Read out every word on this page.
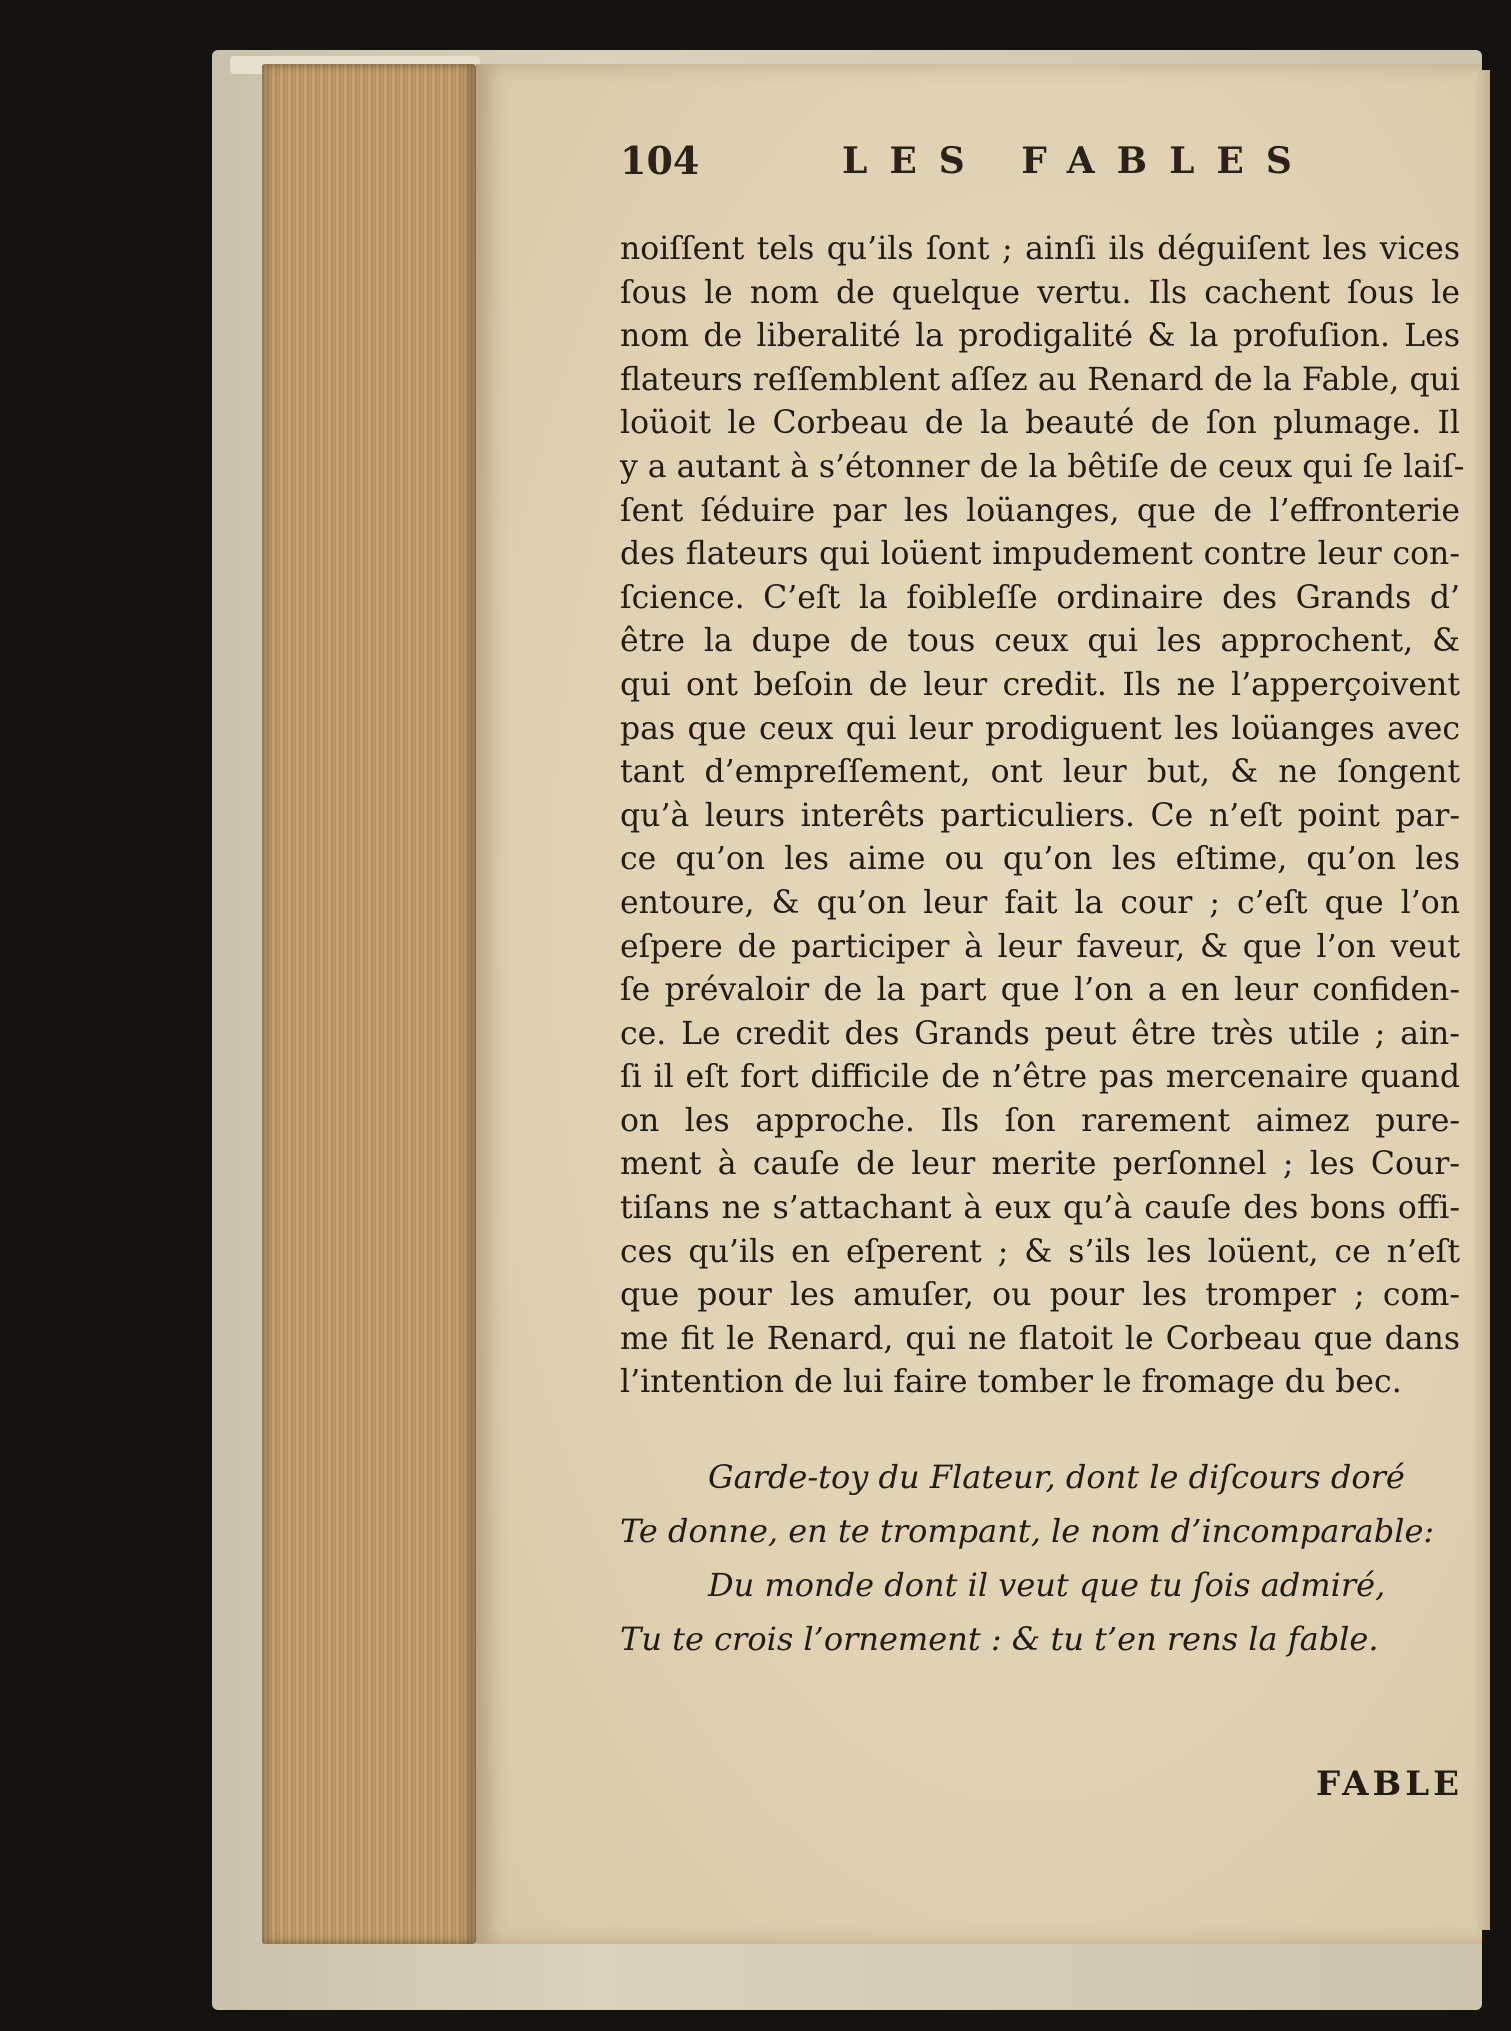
104	LES FABLES
noiſſent tels qu’ils ſont ; ainſi ils déguiſent les vices
ſous le nom de quelque vertu. Ils cachent ſous le
nom de liberalité la prodigalité & la profuſion. Les
flateurs reſſemblent aſſez au Renard de la Fable, qui
loüoit le Corbeau de la beauté de ſon plumage. Il
y a autant à s’étonner de la bêtiſe de ceux qui ſe laiſ-
ſent ſéduire par les loüanges, que de l’effronterie
des flateurs qui loüent impudement contre leur con-
ſcience. C’eſt la foibleſſe ordinaire des Grands d’
être la dupe de tous ceux qui les approchent, &
qui ont beſoin de leur credit. Ils ne l’apperçoivent
pas que ceux qui leur prodiguent les loüanges avec
tant d’empreſſement, ont leur but, & ne ſongent
qu’à leurs interêts particuliers. Ce n’eſt point par-
ce qu’on les aime ou qu’on les eſtime, qu’on les
entoure, & qu’on leur fait la cour ; c’eſt que l’on
eſpere de participer à leur faveur, & que l’on veut
ſe prévaloir de la part que l’on a en leur confiden-
ce. Le credit des Grands peut être très utile ; ain-
ſi il eſt fort difficile de n’être pas mercenaire quand
on les approche. Ils ſon rarement aimez pure-
ment à cauſe de leur merite perſonnel ; les Cour-
tiſans ne s’attachant à eux qu’à cauſe des bons offi-
ces qu’ils en eſperent ; & s’ils les loüent, ce n’eſt
que pour les amuſer, ou pour les tromper ; com-
me fit le Renard, qui ne flatoit le Corbeau que dans
l’intention de lui faire tomber le fromage du bec.
Garde-toy du Flateur, dont le diſcours doré
Te donne, en te trompant, le nom d’incomparable:
Du monde dont il veut que tu ſois admiré,
Tu te crois l’ornement : & tu t’en rens la fable.
FABLE
